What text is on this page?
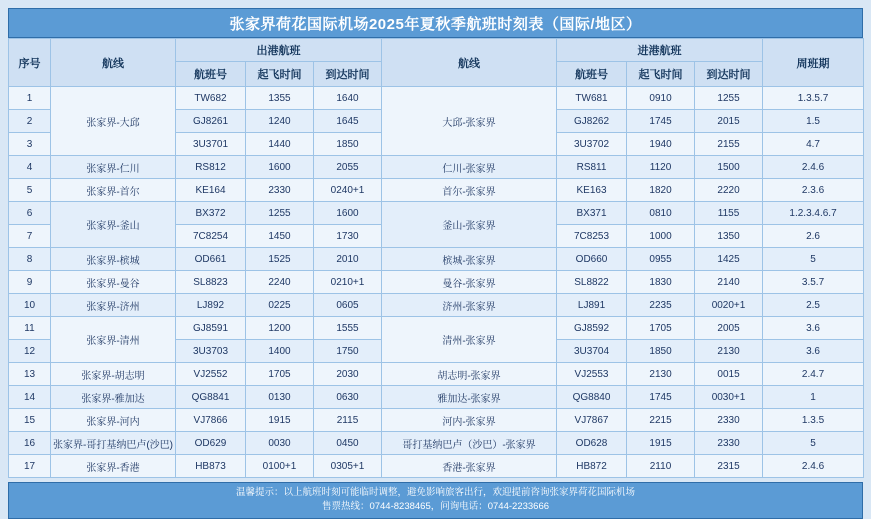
张家界荷花国际机场2025年夏秋季航班时刻表（国际/地区）
序号	航线	出港航班			航线	进港航班			周班期
		航班号	起飞时间	到达时间		航班号	起飞时间	到达时间	
1	张家界-大邱	TW682	1355	1640	大邱-张家界	TW681	0910	1255	1.3.5.7
2		GJ8261	1240	1645		GJ8262	1745	2015	1.5
3		3U3701	1440	1850		3U3702	1940	2155	4.7
4	张家界-仁川	RS812	1600	2055	仁川-张家界	RS811	1120	1500	2.4.6
5	张家界-首尔	KE164	2330	0240+1	首尔-张家界	KE163	1820	2220	2.3.6
6	张家界-釜山	BX372	1255	1600	釜山-张家界	BX371	0810	1155	1.2.3.4.6.7
7		7C8254	1450	1730		7C8253	1000	1350	2.6
8	张家界-槟城	OD661	1525	2010	槟城-张家界	OD660	0955	1425	5
9	张家界-曼谷	SL8823	2240	0210+1	曼谷-张家界	SL8822	1830	2140	3.5.7
10	张家界-济州	LJ892	0225	0605	济州-张家界	LJ891	2235	0020+1	2.5
11	张家界-清州	GJ8591	1200	1555	清州-张家界	GJ8592	1705	2005	3.6
12		3U3703	1400	1750		3U3704	1850	2130	3.6
13	张家界-胡志明	VJ2552	1705	2030	胡志明-张家界	VJ2553	2130	0015	2.4.7
14	张家界-雅加达	QG8841	0130	0630	雅加达-张家界	QG8840	1745	0030+1	1
15	张家界-河内	VJ7866	1915	2115	河内-张家界	VJ7867	2215	2330	1.3.5
16	张家界-哥打基纳巴卢(沙巴)	OD629	0030	0450	哥打基纳巴卢（沙巴）-张家界	OD628	1915	2330	5
17	张家界-香港	HB873	0100+1	0305+1	香港-张家界	HB872	2110	2315	2.4.6
温馨提示：以上航班时刻可能临时调整，避免影响旅客出行，欢迎提前咨询张家界荷花国际机场
售票热线：0744-8238465，问询电话：0744-2233666
